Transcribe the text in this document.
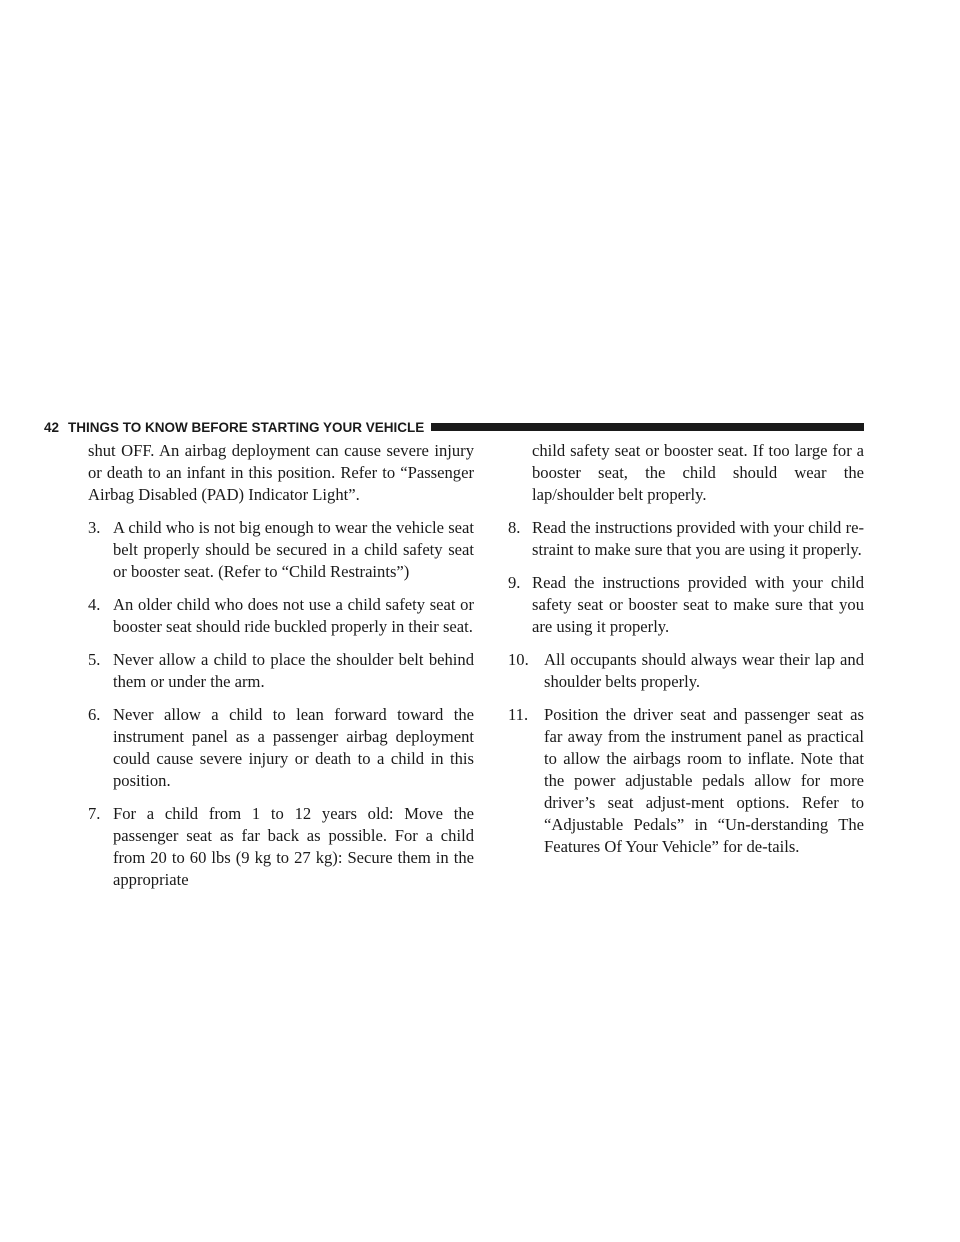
42 THINGS TO KNOW BEFORE STARTING YOUR VEHICLE

shut OFF. An airbag deployment can cause severe injury or death to an infant in this position. Refer to “Passenger Airbag Disabled (PAD) Indicator Light”.

3. A child who is not big enough to wear the vehicle seat belt properly should be secured in a child safety seat or booster seat. (Refer to “Child Restraints”)
4. An older child who does not use a child safety seat or booster seat should ride buckled properly in their seat.
5. Never allow a child to place the shoulder belt behind them or under the arm.
6. Never allow a child to lean forward toward the instrument panel as a passenger airbag deployment could cause severe injury or death to a child in this position.
7. For a child from 1 to 12 years old: Move the passenger seat as far back as possible. For a child from 20 to 60 lbs (9 kg to 27 kg): Secure them in the appropriate

child safety seat or booster seat. If too large for a booster seat, the child should wear the lap/shoulder belt properly.

8. Read the instructions provided with your child re-straint to make sure that you are using it properly.
9. Read the instructions provided with your child safety seat or booster seat to make sure that you are using it properly.
10. All occupants should always wear their lap and shoulder belts properly.
11. Position the driver seat and passenger seat as far away from the instrument panel as practical to allow the airbags room to inflate. Note that the power adjustable pedals allow for more driver’s seat adjust-ment options. Refer to “Adjustable Pedals” in “Un-derstanding The Features Of Your Vehicle” for de-tails.
